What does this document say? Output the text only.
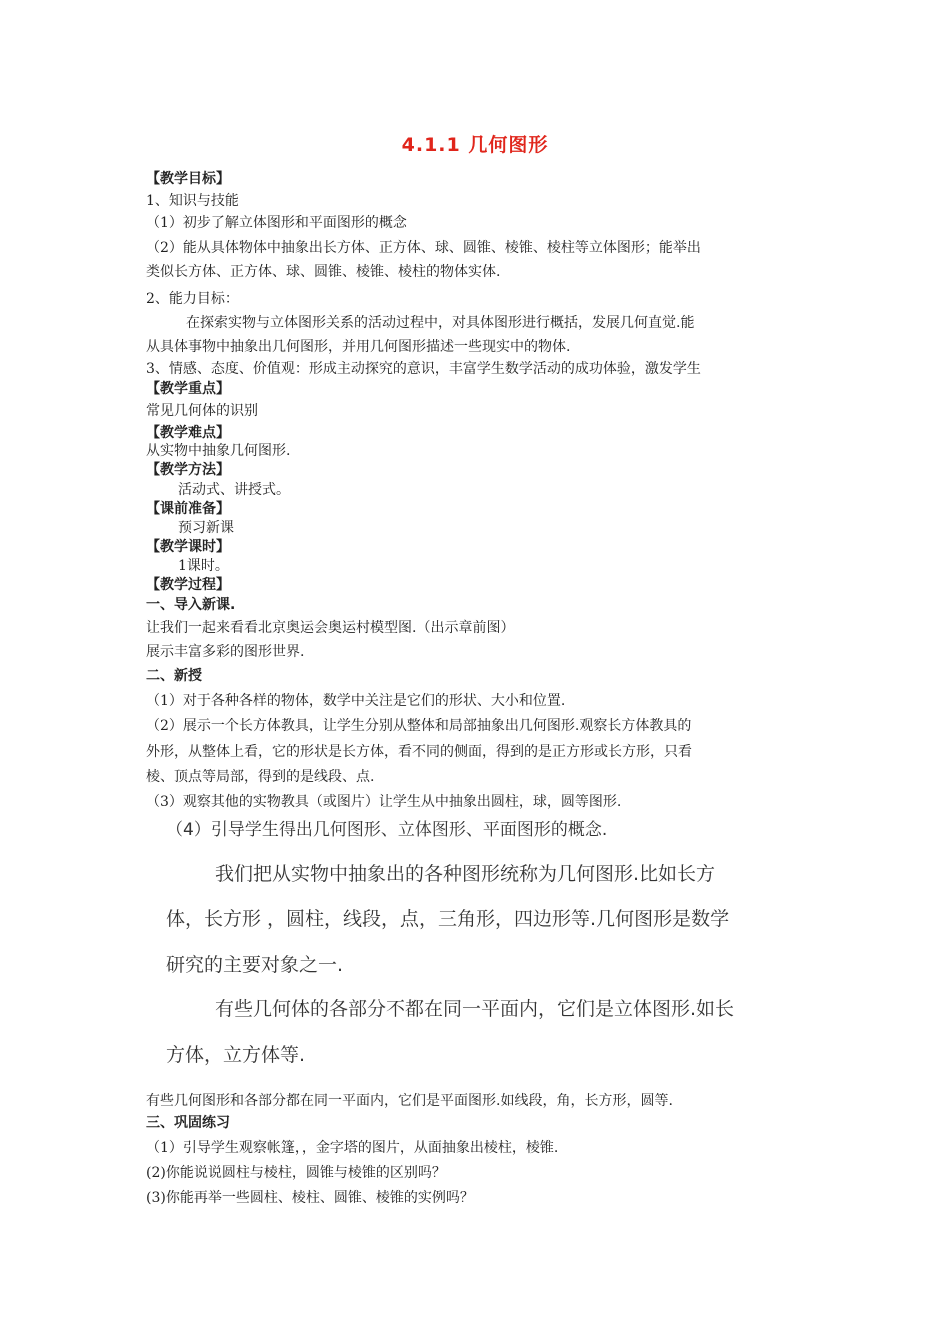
4.1.1 几何图形
【教学目标】
1、知识与技能
（1）初步了解立体图形和平面图形的概念
（2）能从具体物体中抽象出长方体、正方体、球、圆锥、棱锥、棱柱等立体图形；能举出
类似长方体、正方体、球、圆锥、棱锥、棱柱的物体实体.
2、能力目标：
在探索实物与立体图形关系的活动过程中，对具体图形进行概括，发展几何直觉.能
从具体事物中抽象出几何图形，并用几何图形描述一些现实中的物体.
3、情感、态度、价值观：形成主动探究的意识，丰富学生数学活动的成功体验，激发学生
【教学重点】
常见几何体的识别
【教学难点】
从实物中抽象几何图形.
【教学方法】
活动式、讲授式。
【课前准备】
预习新课
【教学课时】
1课时。
【教学过程】
一、导入新课.
让我们一起来看看北京奥运会奥运村模型图.（出示章前图）
展示丰富多彩的图形世界.
二、新授
（1）对于各种各样的物体，数学中关注是它们的形状、大小和位置.
（2）展示一个长方体教具，让学生分别从整体和局部抽象出几何图形.观察长方体教具的
外形，从整体上看，它的形状是长方体，看不同的侧面，得到的是正方形或长方形，只看
棱、顶点等局部，得到的是线段、点.
（3）观察其他的实物教具（或图片）让学生从中抽象出圆柱，球，圆等图形.
（4）引导学生得出几何图形、立体图形、平面图形的概念.
我们把从实物中抽象出的各种图形统称为几何图形.比如长方
体，长方形 ，圆柱，线段，点，三角形，四边形等.几何图形是数学
研究的主要对象之一.
有些几何体的各部分不都在同一平面内，它们是立体图形.如长
方体，立方体等.
有些几何图形和各部分都在同一平面内，它们是平面图形.如线段，角，长方形，圆等.
三、巩固练习
（1）引导学生观察帐篷，，金字塔的图片，从面抽象出棱柱，棱锥.
(2)你能说说圆柱与棱柱，圆锥与棱锥的区别吗？
(3)你能再举一些圆柱、棱柱、圆锥、棱锥的实例吗？
